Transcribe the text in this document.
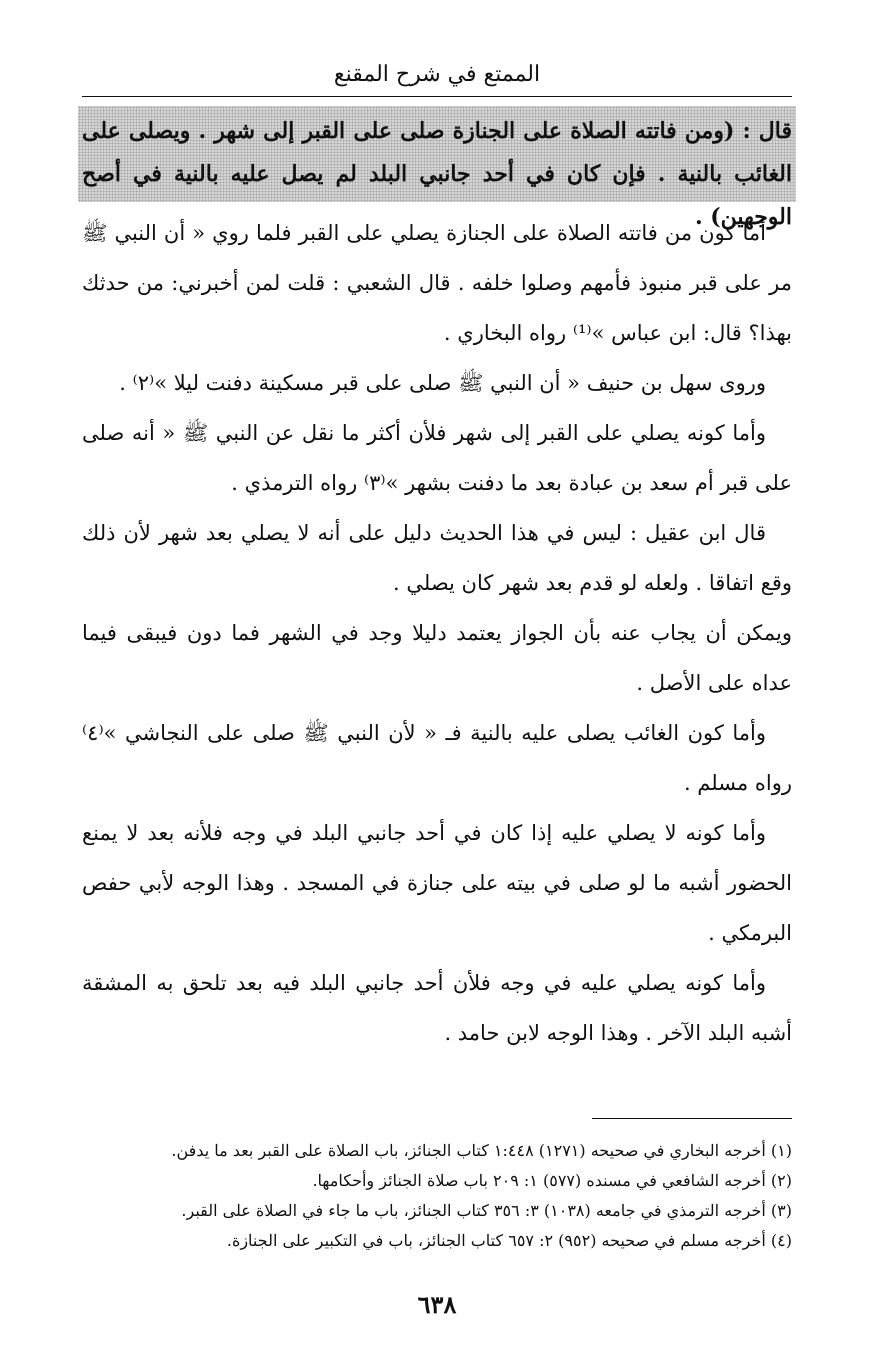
الممتع في شرح المقنع
قال : (ومن فاتته الصلاة على الجنازة صلى على القبر إلى شهر . ويصلى على الغائب بالنية . فإن كان في أحد جانبي البلد لم يصل عليه بالنية في أصح الوجهين) .

أما كون من فاتته الصلاة على الجنازة يصلي على القبر فلما روي « أن النبي ﷺ مر على قبر منبوذ فأمهم وصلوا خلفه . قال الشعبي : قلت لمن أخبرني: من حدثك بهذا؟ قال: ابن عباس »⁽¹⁾ رواه البخاري .

وروى سهل بن حنيف « أن النبي ﷺ صلى على قبر مسكينة دفنت ليلا »⁽٢⁾ .

وأما كونه يصلي على القبر إلى شهر فلأن أكثر ما نقل عن النبي ﷺ « أنه صلى على قبر أم سعد بن عبادة بعد ما دفنت بشهر »⁽٣⁾ رواه الترمذي .

قال ابن عقيل : ليس في هذا الحديث دليل على أنه لا يصلي بعد شهر لأن ذلك وقع اتفاقا . ولعله لو قدم بعد شهر كان يصلي .

ويمكن أن يجاب عنه بأن الجواز يعتمد دليلا وجد في الشهر فما دون فيبقى فيما عداه على الأصل .

وأما كون الغائب يصلى عليه بالنية فـ « لأن النبي ﷺ صلى على النجاشي »⁽٤⁾ رواه مسلم .

وأما كونه لا يصلي عليه إذا كان في أحد جانبي البلد في وجه فلأنه بعد لا يمنع الحضور أشبه ما لو صلى في بيته على جنازة في المسجد . وهذا الوجه لأبي حفص البرمكي .

وأما كونه يصلي عليه في وجه فلأن أحد جانبي البلد فيه بعد تلحق به المشقة أشبه البلد الآخر . وهذا الوجه لابن حامد .

(١) أخرجه البخاري في صحيحه (١٢٧١) ١:٤٤٨ كتاب الجنائز، باب الصلاة على القبر بعد ما يدفن.
(٢) أخرجه الشافعي في مسنده (٥٧٧) ١: ٢٠٩ باب صلاة الجنائز وأحكامها.
(٣) أخرجه الترمذي في جامعه (١٠٣٨) ٣: ٣٥٦ كتاب الجنائز، باب ما جاء في الصلاة على القبر.
(٤) أخرجه مسلم في صحيحه (٩٥٢) ٢: ٦٥٧ كتاب الجنائز، باب في التكبير على الجنازة.
٦٣٨
